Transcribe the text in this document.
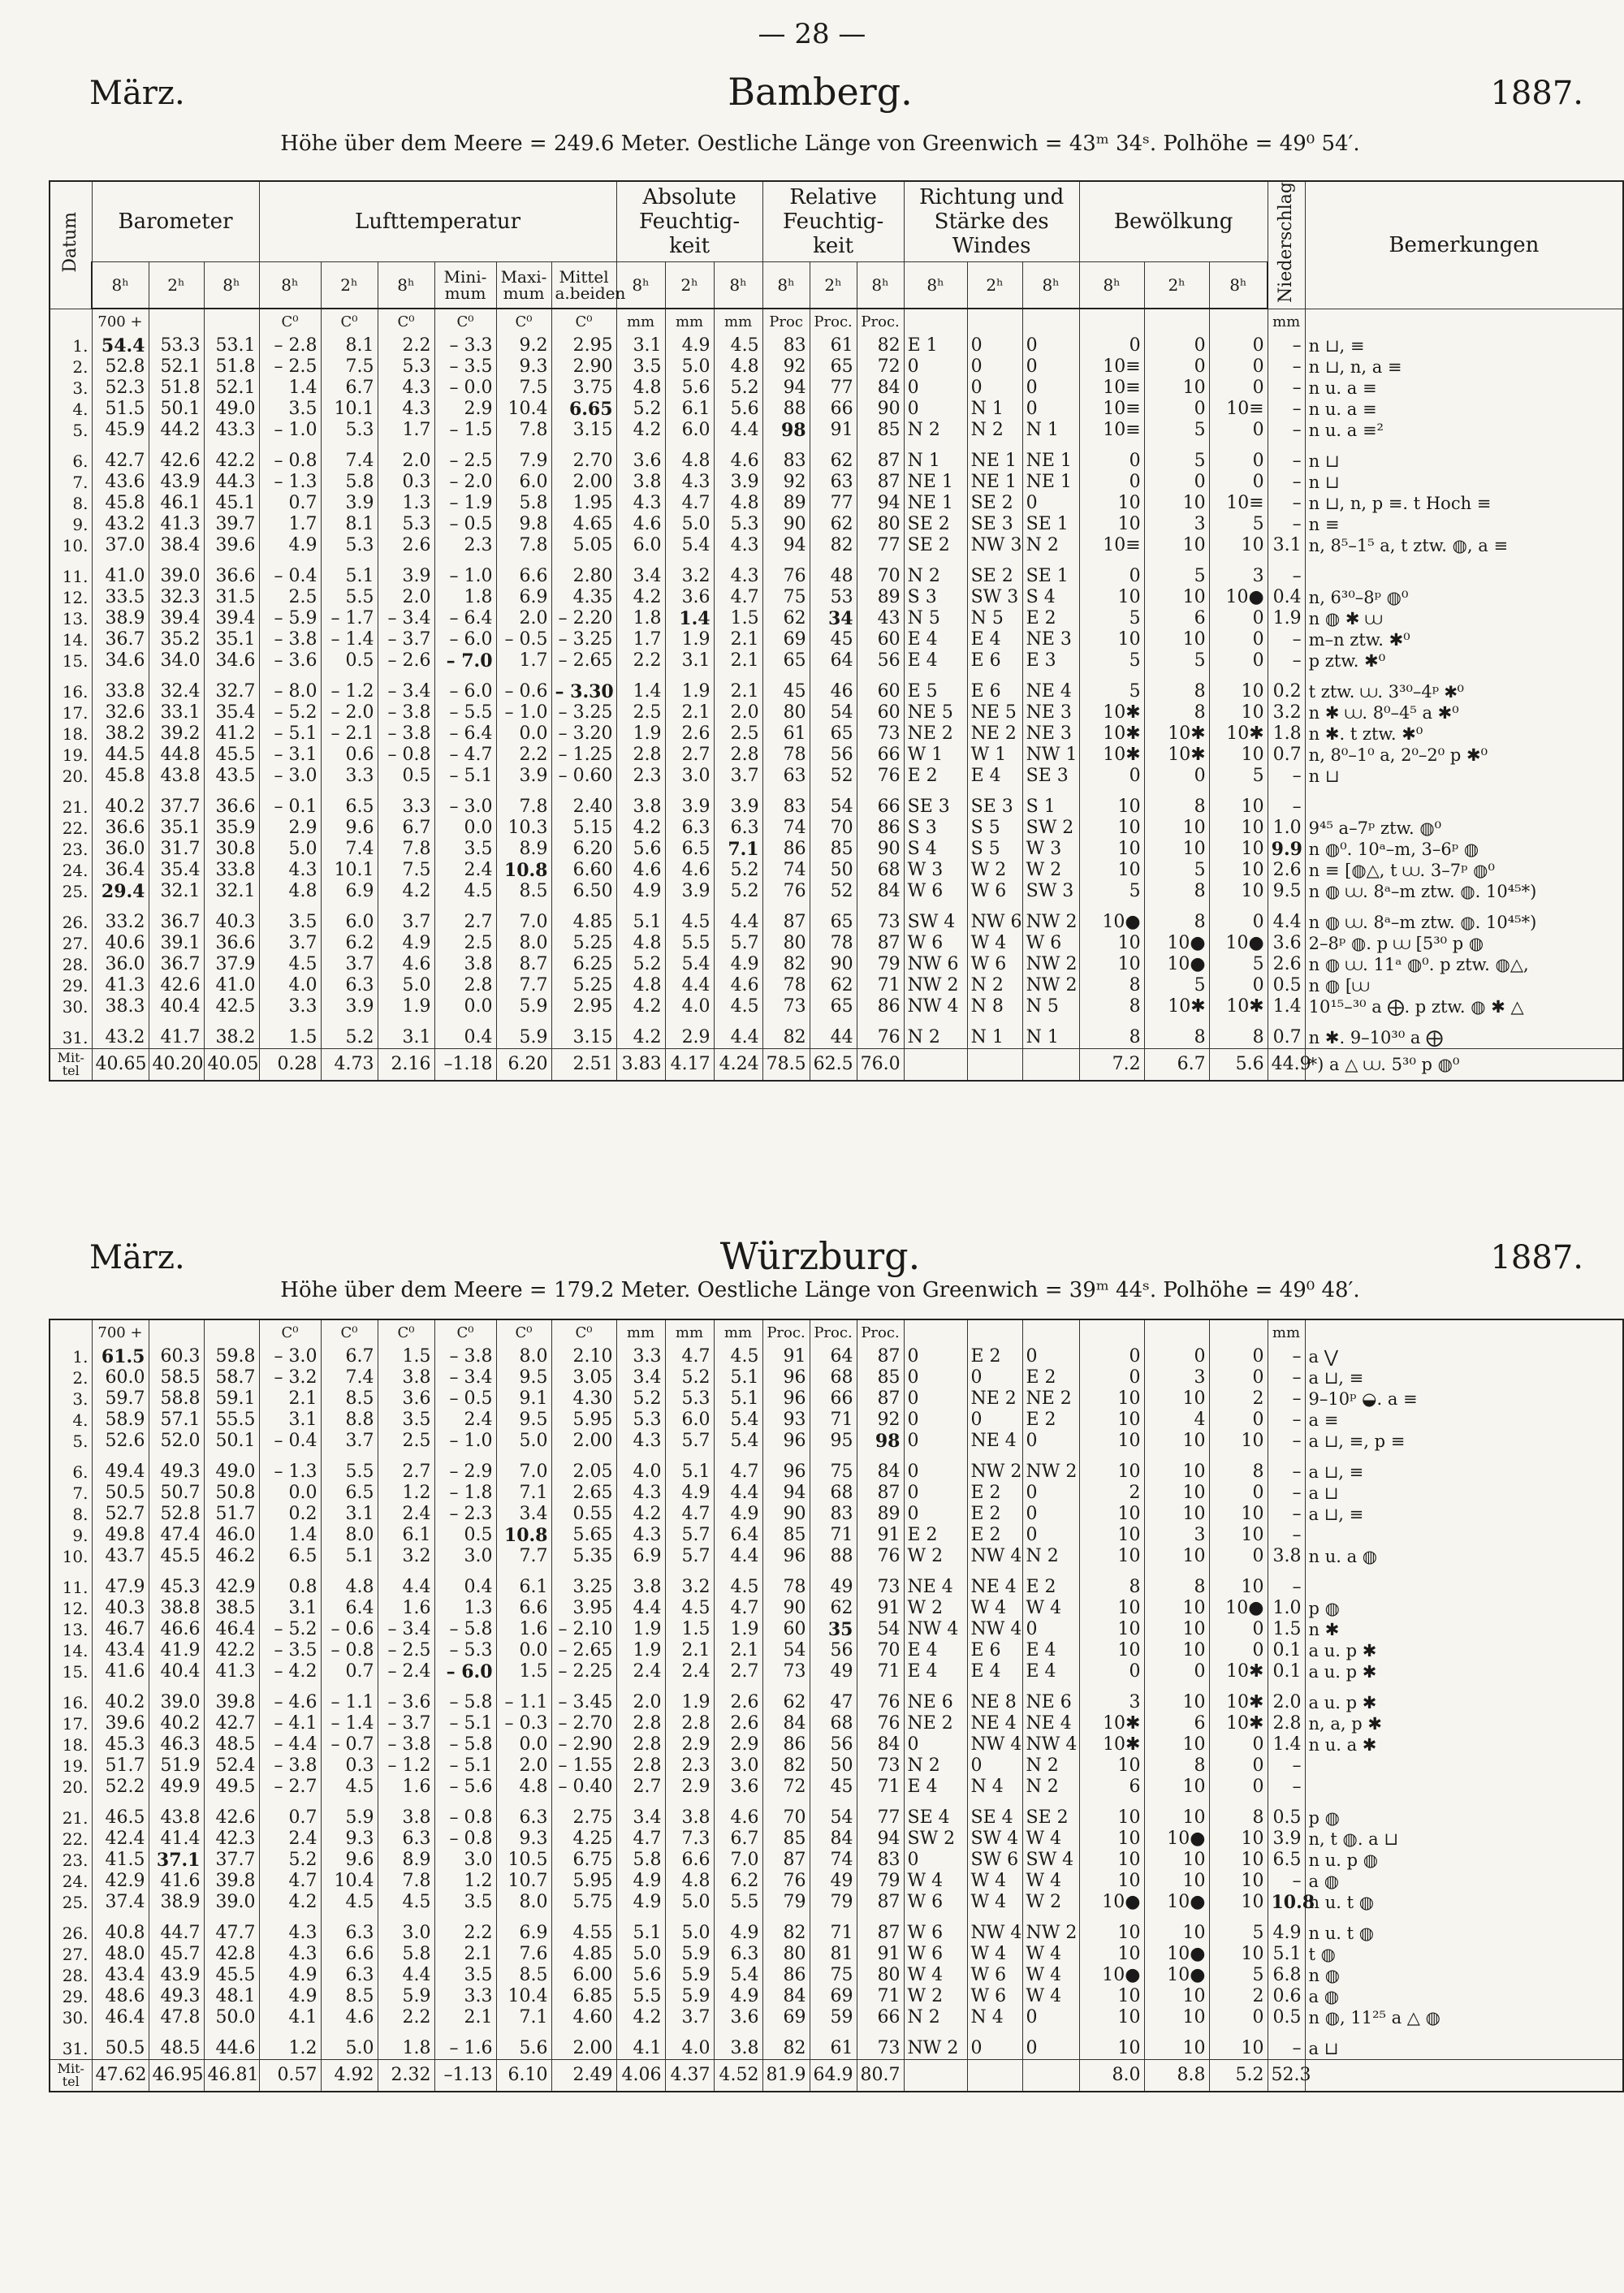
— 28 —
März.	Bamberg.	1887.
Höhe über dem Meere = 249.6 Meter. Oestliche Länge von Greenwich = 43ᵐ 34ˢ. Polhöhe = 49⁰ 54′.
Datum	Barometer			Lufttemperatur						Absolute Feuchtig-keit			Relative Feuchtig-keit			Richtung und Stärke des Windes			Bewölkung			Niederschlag	Bemerkungen
	8ʰ	2ʰ	8ʰ	8ʰ	2ʰ	8ʰ	Mini-mum	Maxi-mum	Mittel a.beiden	8ʰ	2ʰ	8ʰ	8ʰ	2ʰ	8ʰ	8ʰ	2ʰ	8ʰ	8ʰ	2ʰ	8ʰ		
	700 +			C⁰	C⁰	C⁰	C⁰	C⁰	C⁰	mm	mm	mm	Proc	Proc.	Proc.							mm	
1.	54.4	53.3	53.1	– 2.8	8.1	2.2	– 3.3	9.2	2.95	3.1	4.9	4.5	83	61	82	E 1	0	0	0	0	0	–	n ⊔, ≡
2.	52.8	52.1	51.8	– 2.5	7.5	5.3	– 3.5	9.3	2.90	3.5	5.0	4.8	92	65	72	0	0	0	10≡	0	0	–	n ⊔, n, a ≡
3.	52.3	51.8	52.1	1.4	6.7	4.3	– 0.0	7.5	3.75	4.8	5.6	5.2	94	77	84	0	0	0	10≡	10	0	–	n u. a ≡
4.	51.5	50.1	49.0	3.5	10.1	4.3	2.9	10.4	6.65	5.2	6.1	5.6	88	66	90	0	N 1	0	10≡	0	10≡	–	n u. a ≡
5.	45.9	44.2	43.3	– 1.0	5.3	1.7	– 1.5	7.8	3.15	4.2	6.0	4.4	98	91	85	N 2	N 2	N 1	10≡	5	0	–	n u. a ≡²

6.	42.7	42.6	42.2	– 0.8	7.4	2.0	– 2.5	7.9	2.70	3.6	4.8	4.6	83	62	87	N 1	NE 1	NE 1	0	5	0	–	n ⊔
7.	43.6	43.9	44.3	– 1.3	5.8	0.3	– 2.0	6.0	2.00	3.8	4.3	3.9	92	63	87	NE 1	NE 1	NE 1	0	0	0	–	n ⊔
8.	45.8	46.1	45.1	0.7	3.9	1.3	– 1.9	5.8	1.95	4.3	4.7	4.8	89	77	94	NE 1	SE 2	0	10	10	10≡	–	n ⊔, n, p ≡. t Hoch ≡
9.	43.2	41.3	39.7	1.7	8.1	5.3	– 0.5	9.8	4.65	4.6	5.0	5.3	90	62	80	SE 2	SE 3	SE 1	10	3	5	–	n ≡
10.	37.0	38.4	39.6	4.9	5.3	2.6	2.3	7.8	5.05	6.0	5.4	4.3	94	82	77	SE 2	NW 3	N 2	10≡	10	10	3.1	n, 8⁵–1⁵ a, t ztw. ◍, a ≡

11.	41.0	39.0	36.6	– 0.4	5.1	3.9	– 1.0	6.6	2.80	3.4	3.2	4.3	76	48	70	N 2	SE 2	SE 1	0	5	3	–	
12.	33.5	32.3	31.5	2.5	5.5	2.0	1.8	6.9	4.35	4.2	3.6	4.7	75	53	89	S 3	SW 3	S 4	10	10	10●	0.4	n, 6³⁰–8ᵖ ◍⁰
13.	38.9	39.4	39.4	– 5.9	– 1.7	– 3.4	– 6.4	2.0	– 2.20	1.8	1.4	1.5	62	34	43	N 5	N 5	E 2	5	6	0	1.9	n ◍ ✱ ⩊
14.	36.7	35.2	35.1	– 3.8	– 1.4	– 3.7	– 6.0	– 0.5	– 3.25	1.7	1.9	2.1	69	45	60	E 4	E 4	NE 3	10	10	0	–	m–n ztw. ✱⁰
15.	34.6	34.0	34.6	– 3.6	0.5	– 2.6	– 7.0	1.7	– 2.65	2.2	3.1	2.1	65	64	56	E 4	E 6	E 3	5	5	0	–	p ztw. ✱⁰

16.	33.8	32.4	32.7	– 8.0	– 1.2	– 3.4	– 6.0	– 0.6	– 3.30	1.4	1.9	2.1	45	46	60	E 5	E 6	NE 4	5	8	10	0.2	t ztw. ⩊. 3³⁰–4ᵖ ✱⁰
17.	32.6	33.1	35.4	– 5.2	– 2.0	– 3.8	– 5.5	– 1.0	– 3.25	2.5	2.1	2.0	80	54	60	NE 5	NE 5	NE 3	10✱	8	10	3.2	n ✱ ⩊. 8⁰–4⁵ a ✱⁰
18.	38.2	39.2	41.2	– 5.1	– 2.1	– 3.8	– 6.4	0.0	– 3.20	1.9	2.6	2.5	61	65	73	NE 2	NE 2	NE 3	10✱	10✱	10✱	1.8	n ✱. t ztw. ✱⁰
19.	44.5	44.8	45.5	– 3.1	0.6	– 0.8	– 4.7	2.2	– 1.25	2.8	2.7	2.8	78	56	66	W 1	W 1	NW 1	10✱	10✱	10	0.7	n, 8⁰–1⁰ a, 2⁰–2⁰ p ✱⁰
20.	45.8	43.8	43.5	– 3.0	3.3	0.5	– 5.1	3.9	– 0.60	2.3	3.0	3.7	63	52	76	E 2	E 4	SE 3	0	0	5	–	n ⊔

21.	40.2	37.7	36.6	– 0.1	6.5	3.3	– 3.0	7.8	2.40	3.8	3.9	3.9	83	54	66	SE 3	SE 3	S 1	10	8	10	–	
22.	36.6	35.1	35.9	2.9	9.6	6.7	0.0	10.3	5.15	4.2	6.3	6.3	74	70	86	S 3	S 5	SW 2	10	10	10	1.0	9⁴⁵ a–7ᵖ ztw. ◍⁰
23.	36.0	31.7	30.8	5.0	7.4	7.8	3.5	8.9	6.20	5.6	6.5	7.1	86	85	90	S 4	S 5	W 3	10	10	10	9.9	n ◍⁰. 10ᵃ–m, 3–6ᵖ ◍
24.	36.4	35.4	33.8	4.3	10.1	7.5	2.4	10.8	6.60	4.6	4.6	5.2	74	50	68	W 3	W 2	W 2	10	5	10	2.6	n ≡ [◍△, t ⩊. 3–7ᵖ ◍⁰
25.	29.4	32.1	32.1	4.8	6.9	4.2	4.5	8.5	6.50	4.9	3.9	5.2	76	52	84	W 6	W 6	SW 3	5	8	10	9.5	n ◍ ⩊. 8ᵃ–m ztw. ◍. 10⁴⁵*)

26.	33.2	36.7	40.3	3.5	6.0	3.7	2.7	7.0	4.85	5.1	4.5	4.4	87	65	73	SW 4	NW 6	NW 2	10●	8	0	4.4	n ◍ ⩊. 8ᵃ–m ztw. ◍. 10⁴⁵*)
27.	40.6	39.1	36.6	3.7	6.2	4.9	2.5	8.0	5.25	4.8	5.5	5.7	80	78	87	W 6	W 4	W 6	10	10●	10●	3.6	2–8ᵖ ◍. p ⩊ [5³⁰ p ◍
28.	36.0	36.7	37.9	4.5	3.7	4.6	3.8	8.7	6.25	5.2	5.4	4.9	82	90	79	NW 6	W 6	NW 2	10	10●	5	2.6	n ◍ ⩊. 11ᵃ ◍⁰. p ztw. ◍△,
29.	41.3	42.6	41.0	4.0	6.3	5.0	2.8	7.7	5.25	4.8	4.4	4.6	78	62	71	NW 2	N 2	NW 2	8	5	0	0.5	n ◍ [⩊
30.	38.3	40.4	42.5	3.3	3.9	1.9	0.0	5.9	2.95	4.2	4.0	4.5	73	65	86	NW 4	N 8	N 5	8	10✱	10✱	1.4	10¹⁵–³⁰ a ⨁. p ztw. ◍ ✱ △

31.	43.2	41.7	38.2	1.5	5.2	3.1	0.4	5.9	3.15	4.2	2.9	4.4	82	44	76	N 2	N 1	N 1	8	8	8	0.7	n ✱. 9–10³⁰ a ⨁
Mit-tel	40.65	40.20	40.05	0.28	4.73	2.16	–1.18	6.20	2.51	3.83	4.17	4.24	78.5	62.5	76.0				7.2	6.7	5.6	44.9	*) a △ ⩊. 5³⁰ p ◍⁰
März.	Würzburg.	1887.
Höhe über dem Meere = 179.2 Meter. Oestliche Länge von Greenwich = 39ᵐ 44ˢ. Polhöhe = 49⁰ 48′.
	700 +			C⁰	C⁰	C⁰	C⁰	C⁰	C⁰	mm	mm	mm	Proc.	Proc.	Proc.							mm	
1.	61.5	60.3	59.8	– 3.0	6.7	1.5	– 3.8	8.0	2.10	3.3	4.7	4.5	91	64	87	0	E 2	0	0	0	0	–	a ⋁
2.	60.0	58.5	58.7	– 3.2	7.4	3.8	– 3.4	9.5	3.05	3.4	5.2	5.1	96	68	85	0	0	E 2	0	3	0	–	a ⊔, ≡
3.	59.7	58.8	59.1	2.1	8.5	3.6	– 0.5	9.1	4.30	5.2	5.3	5.1	96	66	87	0	NE 2	NE 2	10	10	2	–	9–10ᵖ ◒. a ≡
4.	58.9	57.1	55.5	3.1	8.8	3.5	2.4	9.5	5.95	5.3	6.0	5.4	93	71	92	0	0	E 2	10	4	0	–	a ≡
5.	52.6	52.0	50.1	– 0.4	3.7	2.5	– 1.0	5.0	2.00	4.3	5.7	5.4	96	95	98	0	NE 4	0	10	10	10	–	a ⊔, ≡, p ≡

6.	49.4	49.3	49.0	– 1.3	5.5	2.7	– 2.9	7.0	2.05	4.0	5.1	4.7	96	75	84	0	NW 2	NW 2	10	10	8	–	a ⊔, ≡
7.	50.5	50.7	50.8	0.0	6.5	1.2	– 1.8	7.1	2.65	4.3	4.9	4.4	94	68	87	0	E 2	0	2	10	0	–	a ⊔
8.	52.7	52.8	51.7	0.2	3.1	2.4	– 2.3	3.4	0.55	4.2	4.7	4.9	90	83	89	0	E 2	0	10	10	10	–	a ⊔, ≡
9.	49.8	47.4	46.0	1.4	8.0	6.1	0.5	10.8	5.65	4.3	5.7	6.4	85	71	91	E 2	E 2	0	10	3	10	–	
10.	43.7	45.5	46.2	6.5	5.1	3.2	3.0	7.7	5.35	6.9	5.7	4.4	96	88	76	W 2	NW 4	N 2	10	10	0	3.8	n u. a ◍

11.	47.9	45.3	42.9	0.8	4.8	4.4	0.4	6.1	3.25	3.8	3.2	4.5	78	49	73	NE 4	NE 4	E 2	8	8	10	–	
12.	40.3	38.8	38.5	3.1	6.4	1.6	1.3	6.6	3.95	4.4	4.5	4.7	90	62	91	W 2	W 4	W 4	10	10	10●	1.0	p ◍
13.	46.7	46.6	46.4	– 5.2	– 0.6	– 3.4	– 5.8	1.6	– 2.10	1.9	1.5	1.9	60	35	54	NW 4	NW 4	0	10	10	0	1.5	n ✱
14.	43.4	41.9	42.2	– 3.5	– 0.8	– 2.5	– 5.3	0.0	– 2.65	1.9	2.1	2.1	54	56	70	E 4	E 6	E 4	10	10	0	0.1	a u. p ✱
15.	41.6	40.4	41.3	– 4.2	0.7	– 2.4	– 6.0	1.5	– 2.25	2.4	2.4	2.7	73	49	71	E 4	E 4	E 4	0	0	10✱	0.1	a u. p ✱

16.	40.2	39.0	39.8	– 4.6	– 1.1	– 3.6	– 5.8	– 1.1	– 3.45	2.0	1.9	2.6	62	47	76	NE 6	NE 8	NE 6	3	10	10✱	2.0	a u. p ✱
17.	39.6	40.2	42.7	– 4.1	– 1.4	– 3.7	– 5.1	– 0.3	– 2.70	2.8	2.8	2.6	84	68	76	NE 2	NE 4	NE 4	10✱	6	10✱	2.8	n, a, p ✱
18.	45.3	46.3	48.5	– 4.4	– 0.7	– 3.8	– 5.8	0.0	– 2.90	2.8	2.9	2.9	86	56	84	0	NW 4	NW 4	10✱	10	0	1.4	n u. a ✱
19.	51.7	51.9	52.4	– 3.8	0.3	– 1.2	– 5.1	2.0	– 1.55	2.8	2.3	3.0	82	50	73	N 2	0	N 2	10	8	0	–	
20.	52.2	49.9	49.5	– 2.7	4.5	1.6	– 5.6	4.8	– 0.40	2.7	2.9	3.6	72	45	71	E 4	N 4	N 2	6	10	0	–	

21.	46.5	43.8	42.6	0.7	5.9	3.8	– 0.8	6.3	2.75	3.4	3.8	4.6	70	54	77	SE 4	SE 4	SE 2	10	10	8	0.5	p ◍
22.	42.4	41.4	42.3	2.4	9.3	6.3	– 0.8	9.3	4.25	4.7	7.3	6.7	85	84	94	SW 2	SW 4	W 4	10	10●	10	3.9	n, t ◍. a ⊔
23.	41.5	37.1	37.7	5.2	9.6	8.9	3.0	10.5	6.75	5.8	6.6	7.0	87	74	83	0	SW 6	SW 4	10	10	10	6.5	n u. p ◍
24.	42.9	41.6	39.8	4.7	10.4	7.8	1.2	10.7	5.95	4.9	4.8	6.2	76	49	79	W 4	W 4	W 4	10	10	10	–	a ◍
25.	37.4	38.9	39.0	4.2	4.5	4.5	3.5	8.0	5.75	4.9	5.0	5.5	79	79	87	W 6	W 4	W 2	10●	10●	10	10.8	n u. t ◍

26.	40.8	44.7	47.7	4.3	6.3	3.0	2.2	6.9	4.55	5.1	5.0	4.9	82	71	87	W 6	NW 4	NW 2	10	10	5	4.9	n u. t ◍
27.	48.0	45.7	42.8	4.3	6.6	5.8	2.1	7.6	4.85	5.0	5.9	6.3	80	81	91	W 6	W 4	W 4	10	10●	10	5.1	t ◍
28.	43.4	43.9	45.5	4.9	6.3	4.4	3.5	8.5	6.00	5.6	5.9	5.4	86	75	80	W 4	W 6	W 4	10●	10●	5	6.8	n ◍
29.	48.6	49.3	48.1	4.9	8.5	5.9	3.3	10.4	6.85	5.5	5.9	4.9	84	69	71	W 2	W 6	W 4	10	10	2	0.6	a ◍
30.	46.4	47.8	50.0	4.1	4.6	2.2	2.1	7.1	4.60	4.2	3.7	3.6	69	59	66	N 2	N 4	0	10	10	0	0.5	n ◍, 11²⁵ a △ ◍

31.	50.5	48.5	44.6	1.2	5.0	1.8	– 1.6	5.6	2.00	4.1	4.0	3.8	82	61	73	NW 2	0	0	10	10	10	–	a ⊔
Mit-tel	47.62	46.95	46.81	0.57	4.92	2.32	–1.13	6.10	2.49	4.06	4.37	4.52	81.9	64.9	80.7				8.0	8.8	5.2	52.3	
